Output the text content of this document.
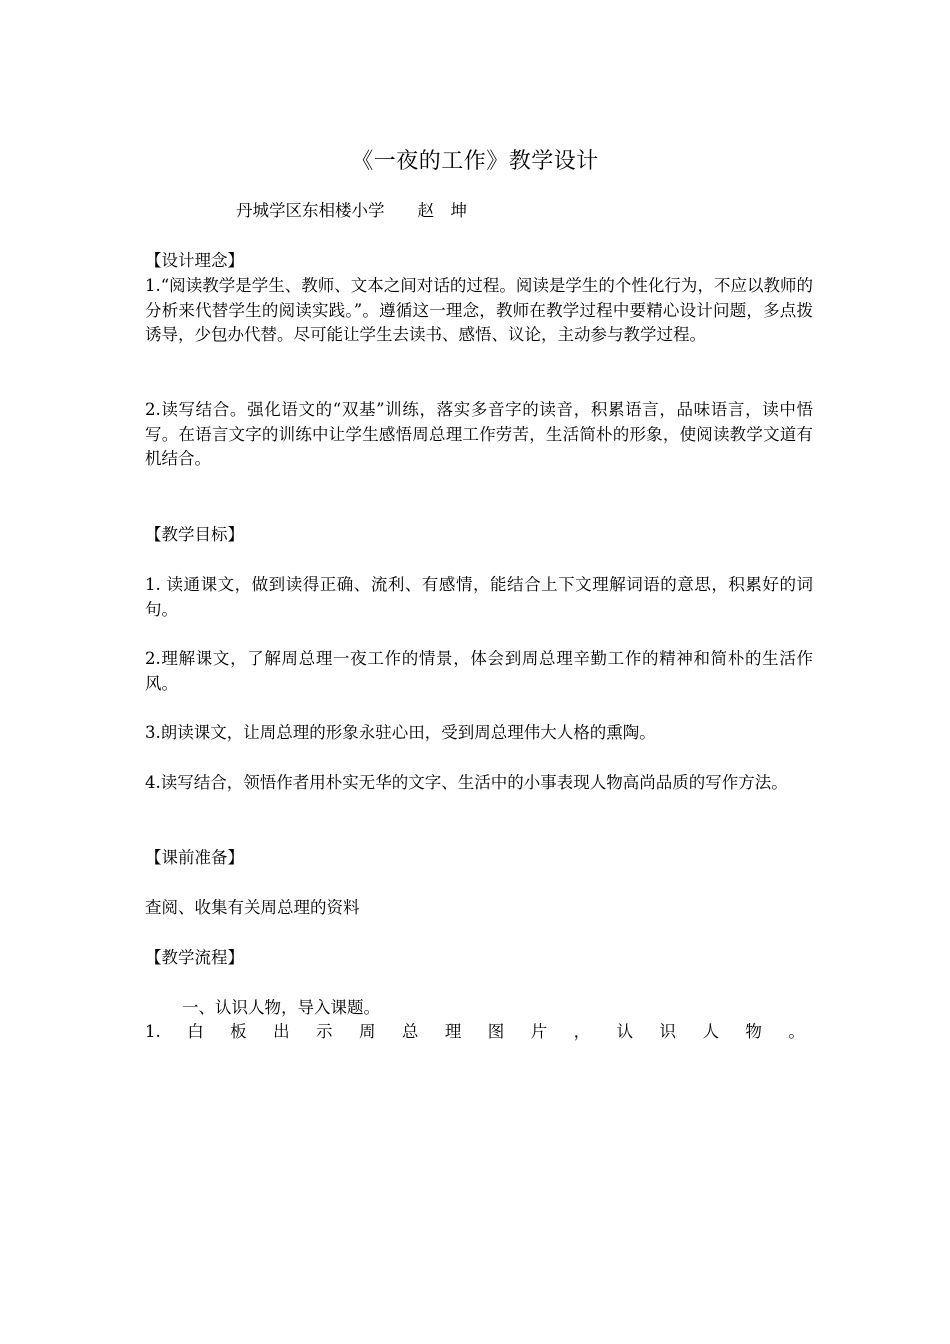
《一夜的工作》教学设计
丹城学区东相楼小学　　赵　坤
【设计理念】
1.“阅读教学是学生、教师、文本之间对话的过程。阅读是学生的个性化行为，不应以教师的分析来代替学生的阅读实践。”。遵循这一理念，教师在教学过程中要精心设计问题，多点拨诱导，少包办代替。尽可能让学生去读书、感悟、议论，主动参与教学过程。
2.读写结合。强化语文的“双基”训练，落实多音字的读音，积累语言，品味语言，读中悟写。在语言文字的训练中让学生感悟周总理工作劳苦，生活简朴的形象，使阅读教学文道有机结合。
【教学目标】
1. 读通课文，做到读得正确、流利、有感情，能结合上下文理解词语的意思，积累好的词句。
2.理解课文，了解周总理一夜工作的情景，体会到周总理辛勤工作的精神和简朴的生活作风。
3.朗读课文，让周总理的形象永驻心田，受到周总理伟大人格的熏陶。
4.读写结合，领悟作者用朴实无华的文字、生活中的小事表现人物高尚品质的写作方法。
【课前准备】
查阅、收集有关周总理的资料
【教学流程】
一、认识人物，导入课题。
1. 白 板 出 示 周 总 理 图 片 ， 认 识 人 物 。
